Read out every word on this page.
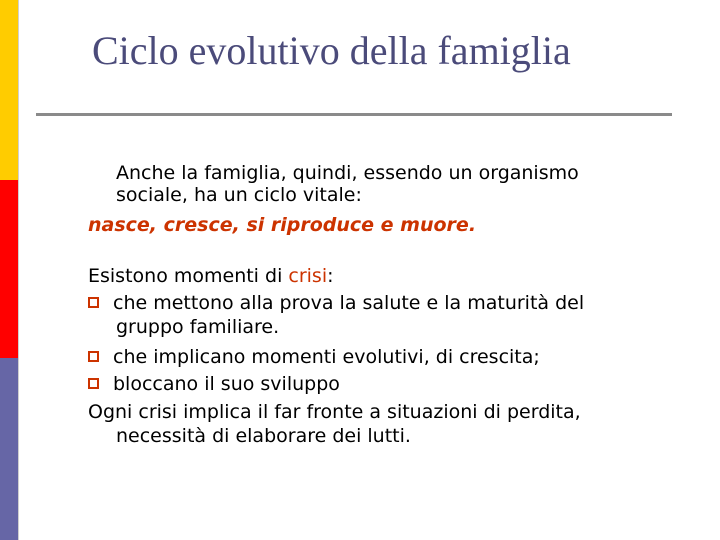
Ciclo evolutivo della famiglia
Anche la famiglia, quindi, essendo un organismo
sociale, ha un ciclo vitale:
nasce, cresce, si riproduce e muore.
Esistono momenti di crisi:
che mettono alla prova la salute e la maturità del
gruppo familiare.
che implicano momenti evolutivi, di crescita;
bloccano il suo sviluppo
Ogni crisi implica il far fronte a situazioni di perdita,
necessità di elaborare dei lutti.
